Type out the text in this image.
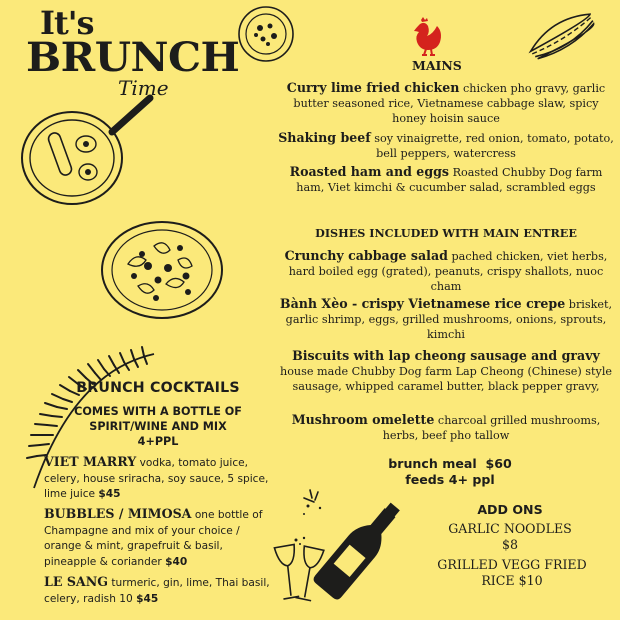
It's
BRUNCH
Time
MAINS
Curry lime fried chicken chicken pho gravy, garlic butter seasoned rice, Vietnamese cabbage slaw, spicy honey hoisin sauce
Shaking beef soy vinaigrette, red onion, tomato, potato, bell peppers, watercress
Roasted ham and eggs Roasted Chubby Dog farm ham, Viet kimchi & cucumber salad, scrambled eggs
DISHES INCLUDED WITH MAIN ENTREE
Crunchy cabbage salad pached chicken, viet herbs, hard boiled egg (grated), peanuts, crispy shallots, nuoc cham
Bành Xèo - crispy Vietnamese rice crepe brisket, garlic shrimp, eggs, grilled mushrooms, onions, sprouts, kimchi
Biscuits with lap cheong sausage and gravy house made Chubby Dog farm Lap Cheong (Chinese) style sausage, whipped caramel butter, black pepper gravy,
Mushroom omelette charcoal grilled mushrooms, herbs, beef pho tallow
brunch meal  $60
feeds 4+ ppl
ADD ONS
GARLIC NOODLES
$8
GRILLED VEGG FRIED
RICE $10
BRUNCH COCKTAILS
COMES WITH A BOTTLE OF
SPIRIT/WINE AND MIX
4+PPL
VIET MARRY vodka, tomato juice, celery, house sriracha, soy sauce, 5 spice, lime juice $45
BUBBLES / MIMOSA one bottle of Champagne and mix of your choice / orange & mint, grapefruit & basil, pineapple & coriander $40
LE SANG turmeric, gin, lime, Thai basil, celery, radish 10 $45
